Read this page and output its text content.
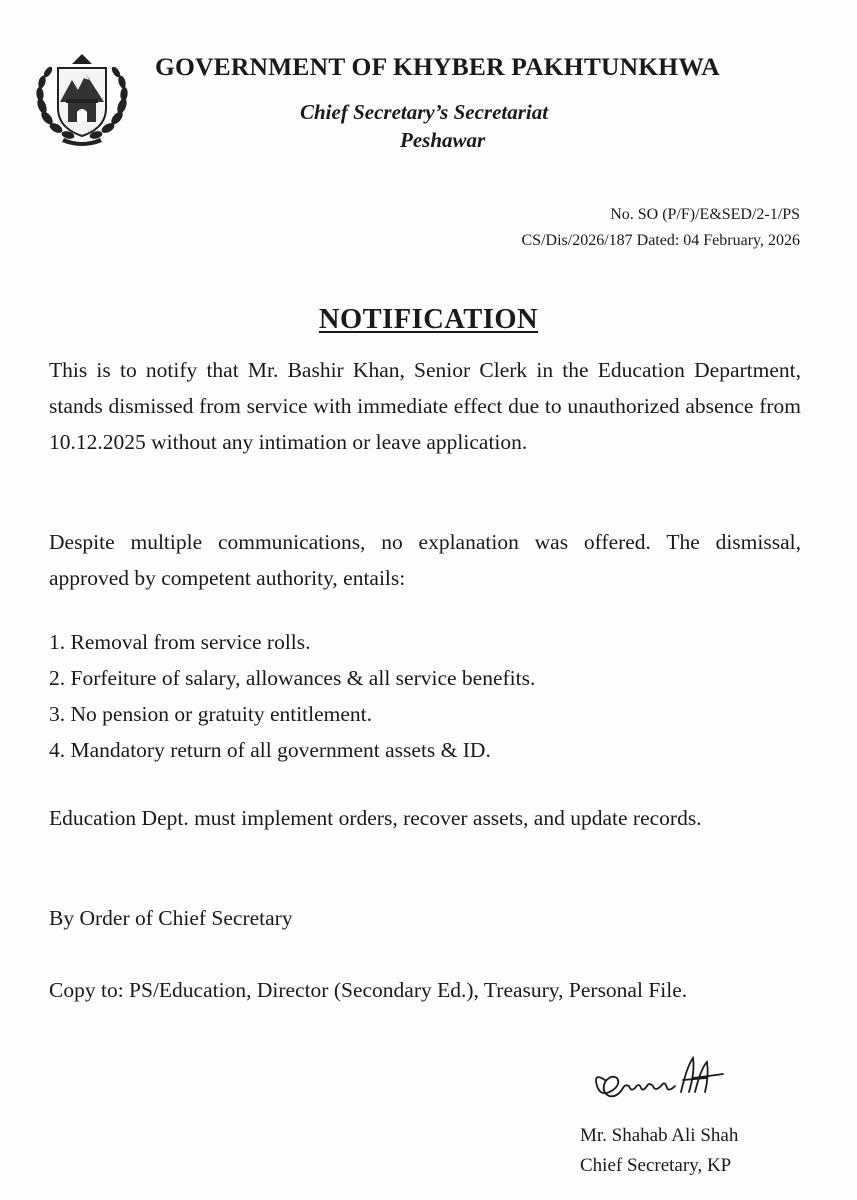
GOVERNMENT OF KHYBER PAKHTUNKHWA
Chief Secretary’s Secretariat
Peshawar
No. SO (P/F)/E&SED/2-1/PS
CS/Dis/2026/187 Dated: 04 February, 2026
NOTIFICATION
This is to notify that Mr. Bashir Khan, Senior Clerk in the Education Department, stands dismissed from service with immediate effect due to unauthorized absence from 10.12.2025 without any intimation or leave application.
Despite multiple communications, no explanation was offered. The dismissal, approved by competent authority, entails:
1. Removal from service rolls.
2. Forfeiture of salary, allowances & all service benefits.
3. No pension or gratuity entitlement.
4. Mandatory return of all government assets & ID.
Education Dept. must implement orders, recover assets, and update records.
By Order of Chief Secretary
Copy to: PS/Education, Director (Secondary Ed.), Treasury, Personal File.
Mr. Shahab Ali Shah
Chief Secretary, KP
